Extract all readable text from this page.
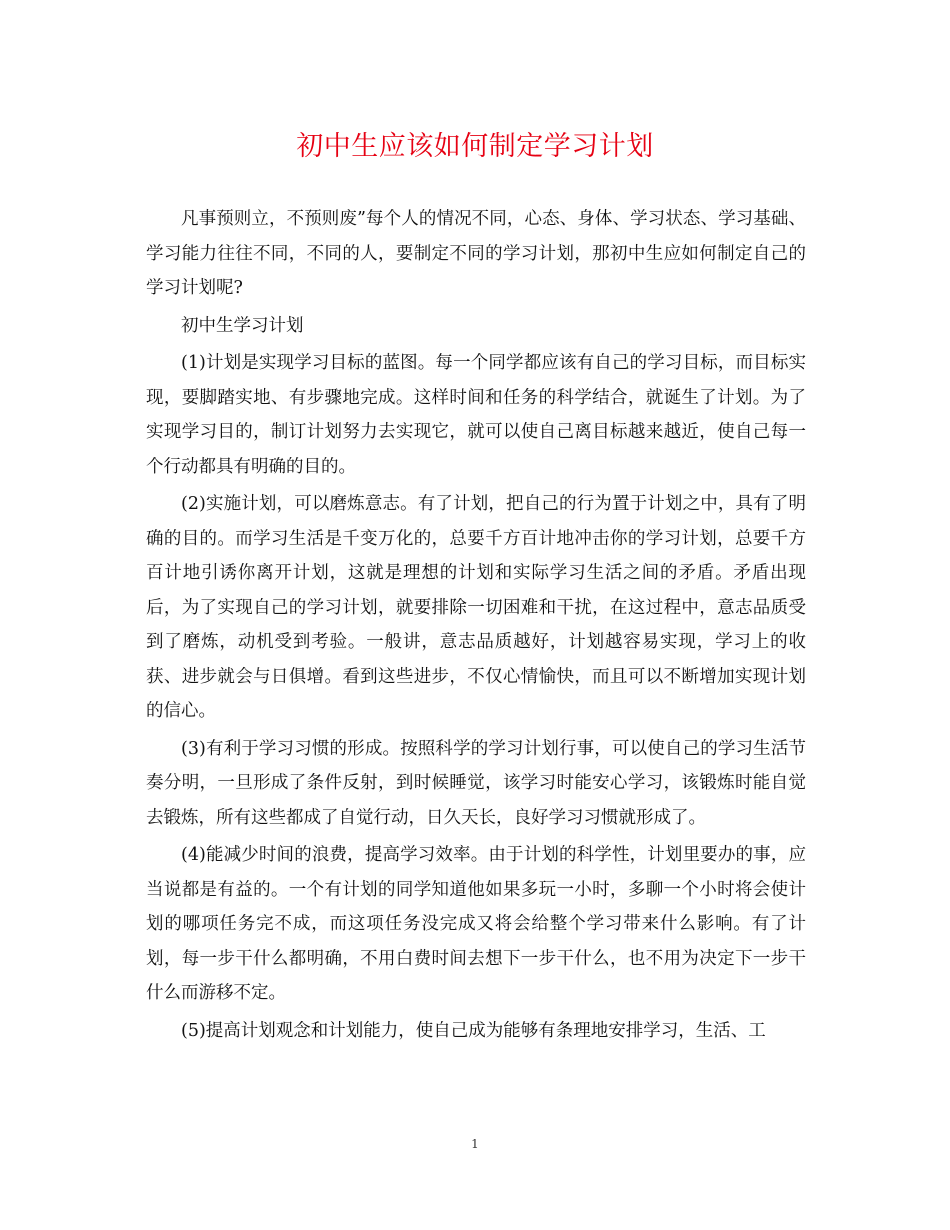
初中生应该如何制定学习计划

凡事预则立，不预则废”每个人的情况不同，心态、身体、学习状态、学习基础、学习能力往往不同，不同的人，要制定不同的学习计划，那初中生应如何制定自己的学习计划呢?

初中生学习计划

(1)计划是实现学习目标的蓝图。每一个同学都应该有自己的学习目标，而目标实现，要脚踏实地、有步骤地完成。这样时间和任务的科学结合，就诞生了计划。为了实现学习目的，制订计划努力去实现它，就可以使自己离目标越来越近，使自己每一个行动都具有明确的目的。

(2)实施计划，可以磨炼意志。有了计划，把自己的行为置于计划之中，具有了明确的目的。而学习生活是千变万化的，总要千方百计地冲击你的学习计划，总要千方百计地引诱你离开计划，这就是理想的计划和实际学习生活之间的矛盾。矛盾出现后，为了实现自己的学习计划，就要排除一切困难和干扰，在这过程中，意志品质受到了磨炼，动机受到考验。一般讲，意志品质越好，计划越容易实现，学习上的收获、进步就会与日俱增。看到这些进步，不仅心情愉快，而且可以不断增加实现计划的信心。

(3)有利于学习习惯的形成。按照科学的学习计划行事，可以使自己的学习生活节奏分明，一旦形成了条件反射，到时候睡觉，该学习时能安心学习，该锻炼时能自觉去锻炼，所有这些都成了自觉行动，日久天长，良好学习习惯就形成了。

(4)能减少时间的浪费，提高学习效率。由于计划的科学性，计划里要办的事，应当说都是有益的。一个有计划的同学知道他如果多玩一小时，多聊一个小时将会使计划的哪项任务完不成，而这项任务没完成又将会给整个学习带来什么影响。有了计划，每一步干什么都明确，不用白费时间去想下一步干什么，也不用为决定下一步干什么而游移不定。

(5)提高计划观念和计划能力，使自己成为能够有条理地安排学习，生活、工

1
